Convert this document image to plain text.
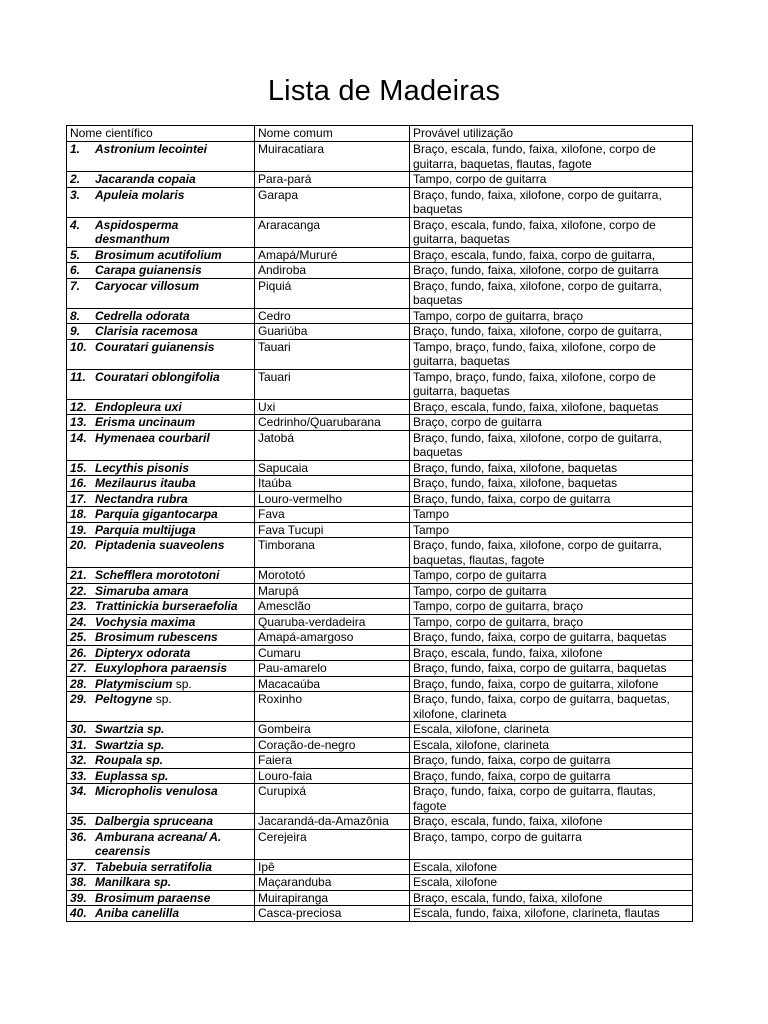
Lista de Madeiras
Nome científico	Nome comum	Provável utilização

1. Astronium lecointei	Muiracatiara	Braço, escala, fundo, faixa, xilofone, corpo de guitarra, baquetas, flautas, fagote

2. Jacaranda copaia	Para-pará	Tampo, corpo de guitarra

3. Apuleia molaris	Garapa	Braço, fundo, faixa, xilofone, corpo de guitarra, baquetas

4. Aspidosperma desmanthum	Araracanga	Braço, escala, fundo, faixa, xilofone, corpo de guitarra, baquetas

5. Brosimum acutifolium	Amapá/Mururé	Braço, escala, fundo, faixa, corpo de guitarra,

6. Carapa guianensis	Andiroba	Braço, fundo, faixa, xilofone, corpo de guitarra

7. Caryocar villosum	Piquiá	Braço, fundo, faixa, xilofone, corpo de guitarra, baquetas

8. Cedrella odorata	Cedro	Tampo, corpo de guitarra, braço

9. Clarisia racemosa	Guariúba	Braço, fundo, faixa, xilofone, corpo de guitarra,

10. Couratari guianensis	Tauari	Tampo, braço, fundo, faixa, xilofone, corpo de guitarra, baquetas

11. Couratari oblongifolia	Tauari	Tampo, braço, fundo, faixa, xilofone, corpo de guitarra, baquetas

12. Endopleura uxi	Uxi	Braço, escala, fundo, faixa, xilofone, baquetas

13. Erisma uncinaum	Cedrinho/Quarubarana	Braço, corpo de guitarra

14. Hymenaea courbaril	Jatobá	Braço, fundo, faixa, xilofone, corpo de guitarra, baquetas

15. Lecythis pisonis	Sapucaia	Braço, fundo, faixa, xilofone, baquetas

16. Mezilaurus itauba	Itaúba	Braço, fundo, faixa, xilofone, baquetas

17. Nectandra rubra	Louro-vermelho	Braço, fundo, faixa, corpo de guitarra

18. Parquia gigantocarpa	Fava	Tampo

19. Parquia multijuga	Fava Tucupi	Tampo

20. Piptadenia suaveolens	Timborana	Braço, fundo, faixa, xilofone, corpo de guitarra, baquetas, flautas, fagote

21. Schefflera morototoni	Morototó	Tampo, corpo de guitarra

22. Simaruba amara	Marupá	Tampo, corpo de guitarra

23. Trattinickia burseraefolia	Amesclão	Tampo, corpo de guitarra, braço

24. Vochysia maxima	Quaruba-verdadeira	Tampo, corpo de guitarra, braço

25. Brosimum rubescens	Amapá-amargoso	Braço, fundo, faixa, corpo de guitarra, baquetas

26. Dipteryx odorata	Cumaru	Braço, escala, fundo, faixa, xilofone

27. Euxylophora paraensis	Pau-amarelo	Braço, fundo, faixa, corpo de guitarra, baquetas

28. Platymiscium sp.	Macacaúba	Braço, fundo, faixa, corpo de guitarra, xilofone

29. Peltogyne sp.	Roxinho	Braço, fundo, faixa, corpo de guitarra, baquetas, xilofone, clarineta

30. Swartzia sp.	Gombeira	Escala, xilofone, clarineta

31. Swartzia sp.	Coração-de-negro	Escala, xilofone, clarineta

32. Roupala sp.	Faiera	Braço, fundo, faixa, corpo de guitarra

33. Euplassa sp.	Louro-faia	Braço, fundo, faixa, corpo de guitarra

34. Micropholis venulosa	Curupixá	Braço, fundo, faixa, corpo de guitarra, flautas, fagote

35. Dalbergia spruceana	Jacarandá-da-Amazônia	Braço, escala, fundo, faixa, xilofone

36. Amburana acreana/ A. cearensis	Cerejeira	Braço, tampo, corpo de guitarra

37. Tabebuia serratifolia	Ipê	Escala, xilofone

38. Manilkara sp.	Maçaranduba	Escala, xilofone

39. Brosimum paraense	Muirapiranga	Braço, escala, fundo, faixa, xilofone

40. Aniba canelilla	Casca-preciosa	Escala, fundo, faixa, xilofone, clarineta, flautas
